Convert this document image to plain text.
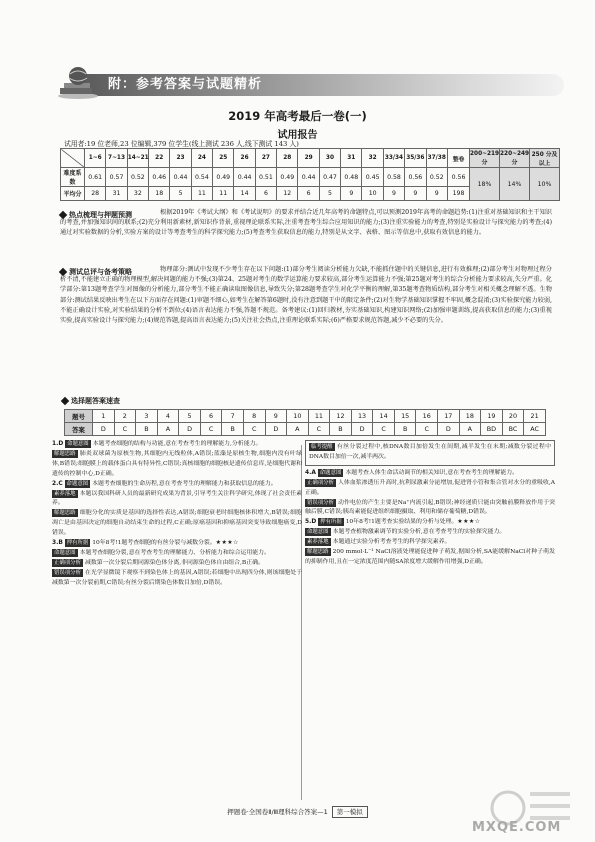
附：参考答案与试题精析
2019 年高考最后一卷(一)
试用报告
试用者:19 位老师,23 位编辑,379 位学生(线上测试 236 人,线下测试 143 人)
	1~6	7~13	14~21	22	23	24	25	26	27	28	29	30	31	32	33/34	35/36	37/38	整卷	200~219 分	220~249 分	250 分及以上
难度系数	0.61	0.57	0.52	0.46	0.44	0.54	0.49	0.44	0.51	0.49	0.44	0.47	0.48	0.45	0.58	0.56	0.52	0.56	18%	14%	10%
平均分	28	31	32	18	5	11	11	14	6	12	6	5	9	10	9	9	9	198			
热点梳理与押题预测	根据2019年《考试大纲》和《考试说明》的要求并结合近几年高考的命题特点,可以预测2019年高考的命题趋势:(1)注重对基础知识和主干知识的考查,并加强知识间的联系;(2)充分利用新素材,新知识作背景,重视理论联系实际,注重考查考生综合应用知识的能力;(3)注重实验能力的考查,特别是实验设计与探究能力的考查;(4)通过对实验数据的分析,实验方案的设计等考查考生的科学探究能力;(5)考查考生获取信息的能力,特别是从文字、表格、图示等信息中,获取有效信息的能力。
测试总评与备考策略	物理部分:测试中发现不少考生存在以下问题:(1)部分考生阅读分析能力欠缺,不能抓住题中的关键信息,进行有效推理;(2)部分考生对物理过程分析不清,不能建立正确的物理模型,解决问题的能力不强;(3)第24、25题对考生的数学运算能力要求较高,部分考生运算能力不强;第25题对考生的综合分析能力要求较高,失分严重。化学部分:第13题考查学生对图像的分析能力,部分考生不能正确读取图像信息,导致失分;第28题考查学生对化学平衡的理解,第35题考查物质结构,部分考生对相关概念理解不透。生物部分:测试结果反映出考生在以下方面存在问题:(1)审题不细心,如考生在解答第6题时,没有注意到题干中的限定条件;(2)对生物学基础知识掌握不牢固,概念混淆;(3)实验探究能力较弱,不能正确设计实验,对实验结果的分析不到位;(4)语言表达能力不强,答题不规范。备考建议:(1)回归教材,夯实基础知识,构建知识网络;(2)加强审题训练,提高获取信息的能力;(3)重视实验,提高实验设计与探究能力;(4)规范答题,提高语言表达能力;(5)关注社会热点,注重理论联系实际;(6)严格要求规范答题,减少不必要的失分。
选择题答案速查
题号	1	2	3	4	5	6	7	8	9	10	11	12	13	14	15	16	17	18	19	20	21
答案	D	C	B	A	D	C	B	C	D	A	C	B	D	C	B	C	D	A	BD	BC	AC

1.D 命题意图 本题考查细胞的结构与功能,意在考查考生的理解能力,分析能力。

解题思路 肺炎双球菌为原核生物,其细胞内无线粒体,A错误;蓝藻是原核生物,细胞内没有叶绿体,B错误;细胞膜上的载体蛋白具有特异性,C错误;真核细胞的细胞核是遗传信息库,是细胞代谢和遗传的控制中心,D正确。

2.C 命题意图 本题考查细胞的生命历程,意在考查考生的理解能力和获取信息的能力。

素养落地 本题以我国科研人员的最新研究成果为背景,引导考生关注科学研究,体现了社会责任素养。

解题思路 细胞分化的实质是基因的选择性表达,A错误;细胞衰老时细胞核体积增大,B错误;细胞凋亡是由基因决定的细胞自动结束生命的过程,C正确;原癌基因和抑癌基因突变导致细胞癌变,D错误。

3.B 押有所据 10年8考!1题考查细胞的有丝分裂与减数分裂。★★★☆

命题意图 本题考查细胞分裂,意在考查考生的理解能力、分析能力和综合运用能力。

正确项分析 减数第一次分裂后期同源染色体分离,非同源染色体自由组合,B正确。

错误项分析 在光学显微镜下观察不到染色体上的基因,A错误;若细胞中出现四分体,则该细胞处于减数第一次分裂前期,C错误;有丝分裂后期染色体数目加倍,D错误。

临考提醒 有丝分裂过程中,核DNA数目加倍发生在间期,减半发生在末期;减数分裂过程中DNA数目加倍一次,减半两次。

4.A 命题意图 本题考查人体生命活动调节的相关知识,意在考查考生的理解能力。

正确项分析 人体血浆渗透压升高时,抗利尿激素分泌增加,促进肾小管和集合管对水分的重吸收,A正确。

错误项分析 动作电位的产生主要是Na⁺内流引起,B错误;神经递质只能由突触前膜释放作用于突触后膜,C错误;胰岛素能促进组织细胞摄取、利用和储存葡萄糖,D错误。

5.D 押有所据 10年8考!1题考查实验结果的分析与处理。★★★☆

命题意图 本题考查植物激素调节的实验分析,意在考查考生的实验探究能力。

素养落地 本题通过实验分析考查考生的科学探究素养。

解题思路 200 mmol·L⁻¹ NaCl溶液处理能促进种子萌发,据图分析,SA能缓解NaCl对种子萌发的抑制作用,且在一定浓度范围内随SA浓度增大缓解作用增强,D正确。

押题卷·全国卷Ⅱ/Ⅲ理科综合答案—1 第一模拟
MXQE.COM
